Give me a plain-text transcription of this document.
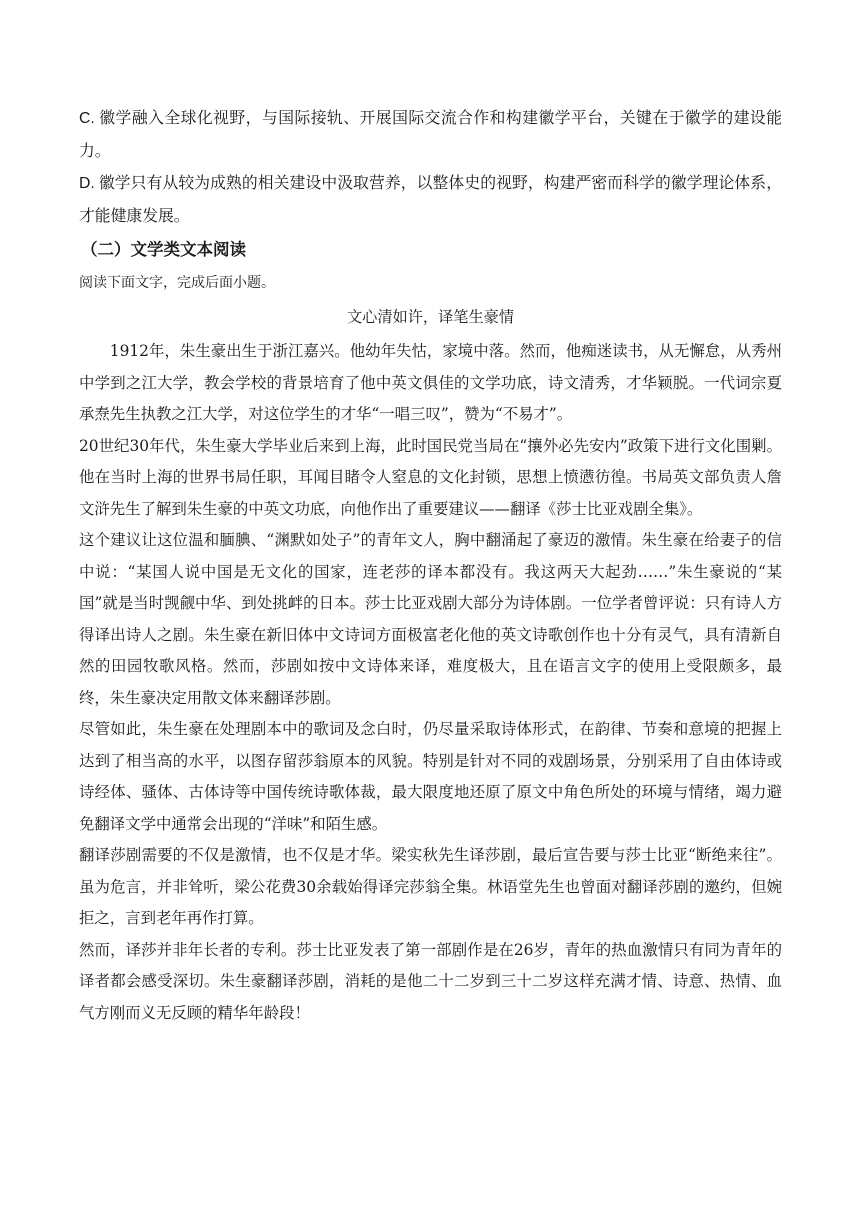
C. 徽学融入全球化视野，与国际接轨、开展国际交流合作和构建徽学平台，关键在于徽学的建设能力。

D. 徽学只有从较为成熟的相关建设中汲取营养，以整体史的视野，构建严密而科学的徽学理论体系，才能健康发展。

（二）文学类文本阅读

阅读下面文字，完成后面小题。

文心清如许，译笔生豪情

1912年，朱生豪出生于浙江嘉兴。他幼年失怙，家境中落。然而，他痴迷读书，从无懈怠，从秀州中学到之江大学，教会学校的背景培育了他中英文俱佳的文学功底，诗文清秀，才华颖脱。一代词宗夏承焘先生执教之江大学，对这位学生的才华“一唱三叹”，赞为“不易才”。

20世纪30年代，朱生豪大学毕业后来到上海，此时国民党当局在“攘外必先安内”政策下进行文化围剿。他在当时上海的世界书局任职，耳闻目睹令人窒息的文化封锁，思想上愤懑彷徨。书局英文部负责人詹文浒先生了解到朱生豪的中英文功底，向他作出了重要建议——翻译《莎士比亚戏剧全集》。

这个建议让这位温和腼腆、“渊默如处子”的青年文人，胸中翻涌起了豪迈的激情。朱生豪在给妻子的信中说：“某国人说中国是无文化的国家，连老莎的译本都没有。我这两天大起劲……”朱生豪说的“某国”就是当时觊觎中华、到处挑衅的日本。莎士比亚戏剧大部分为诗体剧。一位学者曾评说：只有诗人方得译出诗人之剧。朱生豪在新旧体中文诗词方面极富老化他的英文诗歌创作也十分有灵气，具有清新自然的田园牧歌风格。然而，莎剧如按中文诗体来译，难度极大，且在语言文字的使用上受限颇多，最终，朱生豪决定用散文体来翻译莎剧。

尽管如此，朱生豪在处理剧本中的歌词及念白时，仍尽量采取诗体形式，在韵律、节奏和意境的把握上达到了相当高的水平，以图存留莎翁原本的风貌。特别是针对不同的戏剧场景，分别采用了自由体诗或诗经体、骚体、古体诗等中国传统诗歌体裁，最大限度地还原了原文中角色所处的环境与情绪，竭力避免翻译文学中通常会出现的“洋味”和陌生感。

翻译莎剧需要的不仅是激情，也不仅是才华。梁实秋先生译莎剧，最后宣告要与莎士比亚“断绝来往”。虽为危言，并非耸听，梁公花费30余载始得译完莎翁全集。林语堂先生也曾面对翻译莎剧的邀约，但婉拒之，言到老年再作打算。

然而，译莎并非年长者的专利。莎士比亚发表了第一部剧作是在26岁，青年的热血激情只有同为青年的译者都会感受深切。朱生豪翻译莎剧，消耗的是他二十二岁到三十二岁这样充满才情、诗意、热情、血气方刚而义无反顾的精华年龄段！
